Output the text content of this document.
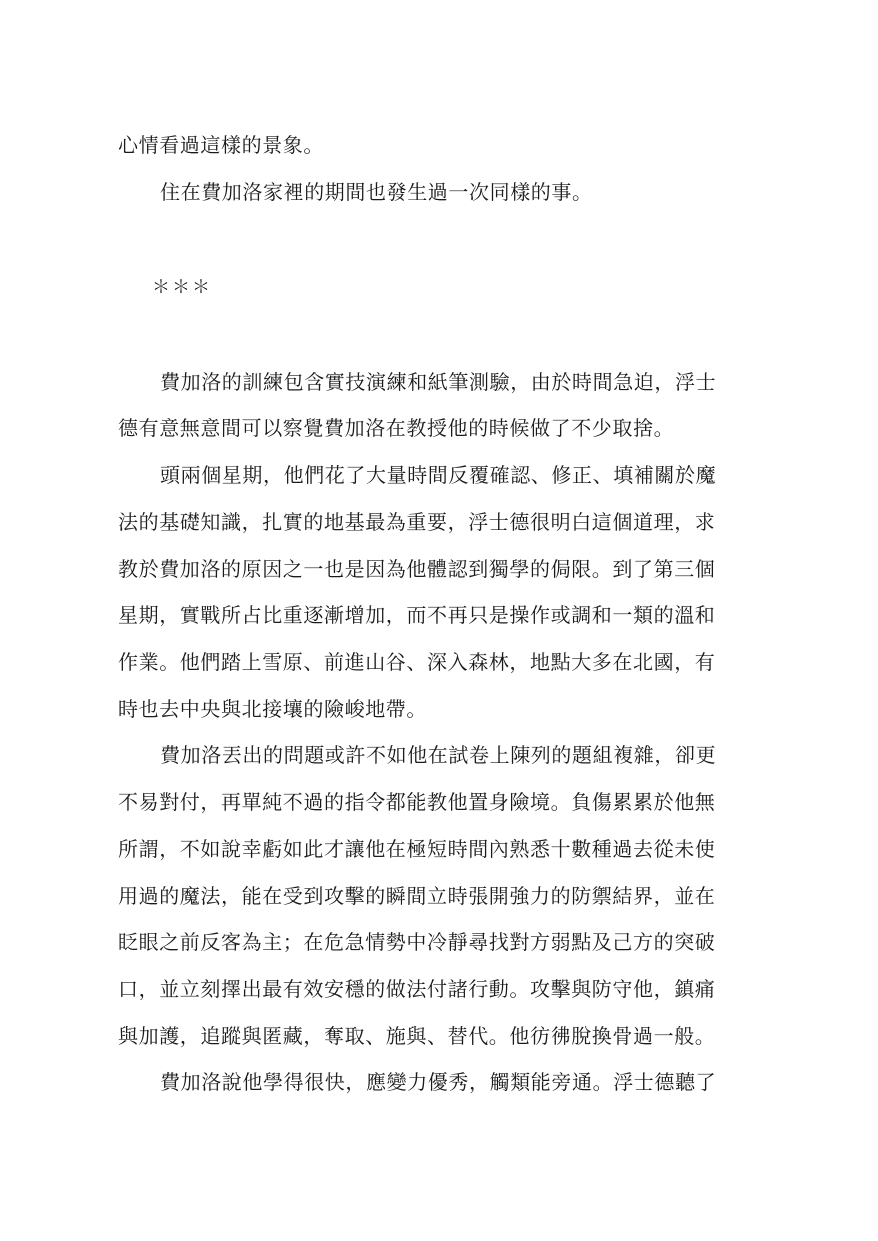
心情看過這樣的景象。
住在費加洛家裡的期間也發生過一次同樣的事。
＊＊＊
費加洛的訓練包含實技演練和紙筆測驗，由於時間急迫，浮士
德有意無意間可以察覺費加洛在教授他的時候做了不少取捨。
頭兩個星期，他們花了大量時間反覆確認、修正、填補關於魔
法的基礎知識，扎實的地基最為重要，浮士德很明白這個道理，求
教於費加洛的原因之一也是因為他體認到獨學的侷限。到了第三個
星期，實戰所占比重逐漸增加，而不再只是操作或調和一類的溫和
作業。他們踏上雪原、前進山谷、深入森林，地點大多在北國，有
時也去中央與北接壤的險峻地帶。
費加洛丟出的問題或許不如他在試卷上陳列的題組複雜，卻更
不易對付，再單純不過的指令都能教他置身險境。負傷累累於他無
所謂，不如說幸虧如此才讓他在極短時間內熟悉十數種過去從未使
用過的魔法，能在受到攻擊的瞬間立時張開強力的防禦結界，並在
眨眼之前反客為主；在危急情勢中冷靜尋找對方弱點及己方的突破
口，並立刻擇出最有效安穩的做法付諸行動。攻擊與防守他，鎮痛
與加護，追蹤與匿藏，奪取、施與、替代。他彷彿脫換骨過一般。
費加洛說他學得很快，應變力優秀，觸類能旁通。浮士德聽了
